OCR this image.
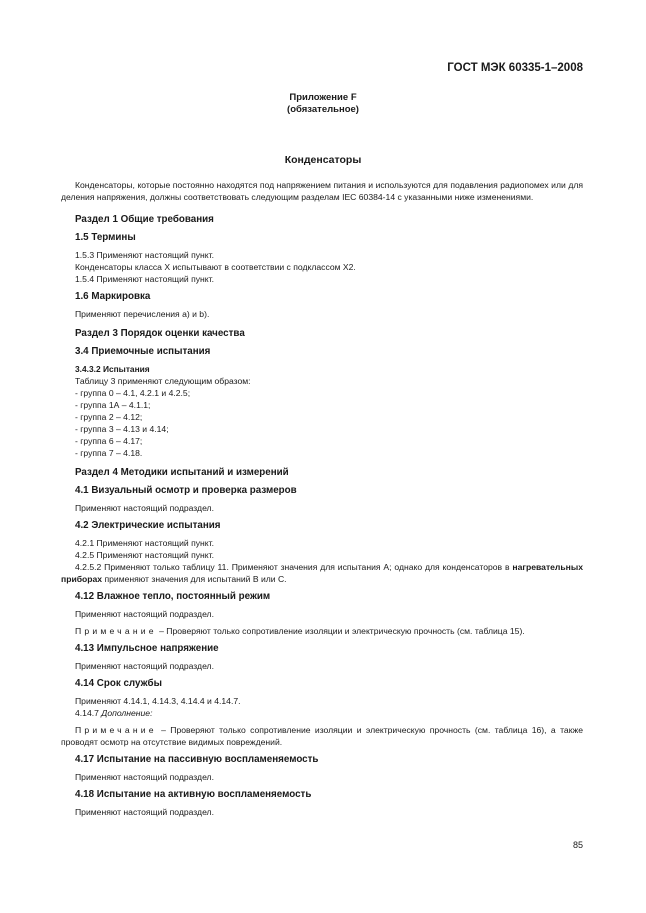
ГОСТ МЭК 60335-1–2008
Приложение F
(обязательное)
Конденсаторы

Конденсаторы, которые постоянно находятся под напряжением питания и используются для подавления радиопомех или для деления напряжения, должны соответствовать следующим разделам IEC 60384-14 с указанными ниже изменениями.

Раздел 1 Общие требования
1.5 Термины

1.5.3 Применяют настоящий пункт.

Конденсаторы класса X испытывают в соответствии с подклассом X2.

1.5.4 Применяют настоящий пункт.

1.6 Маркировка

Применяют перечисления a) и b).

Раздел 3 Порядок оценки качества
3.4 Приемочные испытания
3.4.3.2 Испытания

Таблицу 3 применяют следующим образом:

- группа 0 – 4.1, 4.2.1 и 4.2.5;

- группа 1А – 4.1.1;

- группа 2 – 4.12;

- группа 3 – 4.13 и 4.14;

- группа 6 – 4.17;

- группа 7 – 4.18.

Раздел 4 Методики испытаний и измерений
4.1 Визуальный осмотр и проверка размеров

Применяют настоящий подраздел.

4.2 Электрические испытания

4.2.1 Применяют настоящий пункт.

4.2.5 Применяют настоящий пункт.

4.2.5.2 Применяют только таблицу 11. Применяют значения для испытания A; однако для конденсаторов в нагревательных приборах применяют значения для испытаний B или C.

4.12 Влажное тепло, постоянный режим

Применяют настоящий подраздел.

Примечание – Проверяют только сопротивление изоляции и электрическую прочность (см. таблица 15).

4.13 Импульсное напряжение

Применяют настоящий подраздел.

4.14 Срок службы

Применяют 4.14.1, 4.14.3, 4.14.4 и 4.14.7.

4.14.7 Дополнение:

Примечание – Проверяют только сопротивление изоляции и электрическую прочность (см. таблица 16), а также проводят осмотр на отсутствие видимых повреждений.

4.17 Испытание на пассивную воспламеняемость

Применяют настоящий подраздел.

4.18 Испытание на активную воспламеняемость

Применяют настоящий подраздел.

85
